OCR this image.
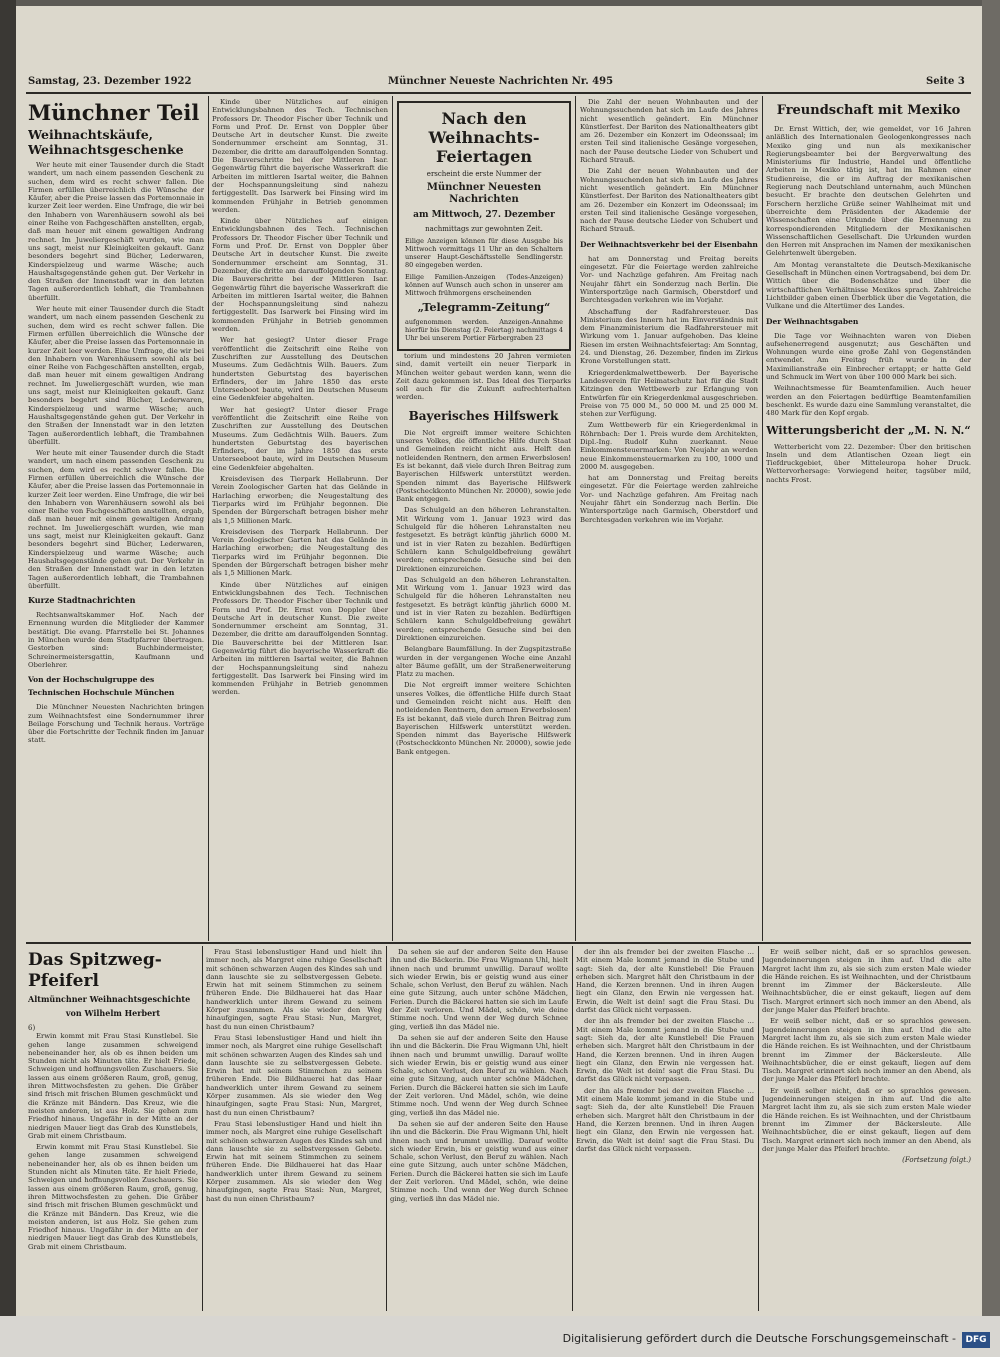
Samstag, 23. Dezember 1922	Münchner Neueste Nachrichten Nr. 495	Seite 3
Münchner Teil
Weihnachtskäufe, Weihnachtsgeschenke

Wer heute mit einer Tausender durch die Stadt wandert, um nach einem passenden Geschenk zu suchen, dem wird es recht schwer fallen. Die Firmen erfüllen überreichlich die Wünsche der Käufer, aber die Preise lassen das Portemonnaie in kurzer Zeit leer werden. Eine Umfrage, die wir bei den Inhabern von Warenhäusern sowohl als bei einer Reihe von Fachgeschäften anstellten, ergab, daß man heuer mit einem gewaltigen Andrang rechnet. Im Juweliergeschäft wurden, wie man uns sagt, meist nur Kleinigkeiten gekauft. Ganz besonders begehrt sind Bücher, Lederwaren, Kinderspielzeug und warme Wäsche; auch Haushaltsgegenstände gehen gut. Der Verkehr in den Straßen der Innenstadt war in den letzten Tagen außerordentlich lebhaft, die Trambahnen überfüllt.

Wer heute mit einer Tausender durch die Stadt wandert, um nach einem passenden Geschenk zu suchen, dem wird es recht schwer fallen. Die Firmen erfüllen überreichlich die Wünsche der Käufer, aber die Preise lassen das Portemonnaie in kurzer Zeit leer werden. Eine Umfrage, die wir bei den Inhabern von Warenhäusern sowohl als bei einer Reihe von Fachgeschäften anstellten, ergab, daß man heuer mit einem gewaltigen Andrang rechnet. Im Juweliergeschäft wurden, wie man uns sagt, meist nur Kleinigkeiten gekauft. Ganz besonders begehrt sind Bücher, Lederwaren, Kinderspielzeug und warme Wäsche; auch Haushaltsgegenstände gehen gut. Der Verkehr in den Straßen der Innenstadt war in den letzten Tagen außerordentlich lebhaft, die Trambahnen überfüllt.

Wer heute mit einer Tausender durch die Stadt wandert, um nach einem passenden Geschenk zu suchen, dem wird es recht schwer fallen. Die Firmen erfüllen überreichlich die Wünsche der Käufer, aber die Preise lassen das Portemonnaie in kurzer Zeit leer werden. Eine Umfrage, die wir bei den Inhabern von Warenhäusern sowohl als bei einer Reihe von Fachgeschäften anstellten, ergab, daß man heuer mit einem gewaltigen Andrang rechnet. Im Juweliergeschäft wurden, wie man uns sagt, meist nur Kleinigkeiten gekauft. Ganz besonders begehrt sind Bücher, Lederwaren, Kinderspielzeug und warme Wäsche; auch Haushaltsgegenstände gehen gut. Der Verkehr in den Straßen der Innenstadt war in den letzten Tagen außerordentlich lebhaft, die Trambahnen überfüllt.

Kurze Stadtnachrichten

Rechtsanwaltskammer Hof. Nach der Ernennung wurden die Mitglieder der Kammer bestätigt. Die evang. Pfarrstelle bei St. Johannes in München wurde dem Stadtpfarrer übertragen. Gestorben sind: Buchbindermeister, Schreinermeistersgattin, Kaufmann und Oberlehrer.

Von der Hochschulgruppe des Technischen Hochschule München

Die Münchner Neuesten Nachrichten bringen zum Weihnachtsfest eine Sondernummer ihrer Beilage Forschung und Technik heraus. Vorträge über die Fortschritte der Technik finden im Januar statt.

Kinde über Nützliches auf einigen Entwicklungsbahnen des Tech. Technischen Professors Dr. Theodor Fischer über Technik und Form und Prof. Dr. Ernst von Doppler über Deutsche Art in deutscher Kunst. Die zweite Sondernummer erscheint am Sonntag, 31. Dezember, die dritte am darauffolgenden Sonntag. Die Bauverschritte bei der Mittleren Isar. Gegenwärtig führt die bayerische Wasserkraft die Arbeiten im mittleren Isartal weiter, die Bahnen der Hochspannungsleitung sind nahezu fertiggestellt. Das Isarwerk bei Finsing wird im kommenden Frühjahr in Betrieb genommen werden.

Kinde über Nützliches auf einigen Entwicklungsbahnen des Tech. Technischen Professors Dr. Theodor Fischer über Technik und Form und Prof. Dr. Ernst von Doppler über Deutsche Art in deutscher Kunst. Die zweite Sondernummer erscheint am Sonntag, 31. Dezember, die dritte am darauffolgenden Sonntag. Die Bauverschritte bei der Mittleren Isar. Gegenwärtig führt die bayerische Wasserkraft die Arbeiten im mittleren Isartal weiter, die Bahnen der Hochspannungsleitung sind nahezu fertiggestellt. Das Isarwerk bei Finsing wird im kommenden Frühjahr in Betrieb genommen werden.

Wer hat gesiegt? Unter dieser Frage veröffentlicht die Zeitschrift eine Reihe von Zuschriften zur Ausstellung des Deutschen Museums. Zum Gedächtnis Wilh. Bauers. Zum hundertsten Geburtstag des bayerischen Erfinders, der im Jahre 1850 das erste Unterseeboot baute, wird im Deutschen Museum eine Gedenkfeier abgehalten.

Wer hat gesiegt? Unter dieser Frage veröffentlicht die Zeitschrift eine Reihe von Zuschriften zur Ausstellung des Deutschen Museums. Zum Gedächtnis Wilh. Bauers. Zum hundertsten Geburtstag des bayerischen Erfinders, der im Jahre 1850 das erste Unterseeboot baute, wird im Deutschen Museum eine Gedenkfeier abgehalten.

Kreisdevisen des Tierpark Hellabrunn. Der Verein Zoologischer Garten hat das Gelände in Harlaching erworben; die Neugestaltung des Tierparks wird im Frühjahr begonnen. Die Spenden der Bürgerschaft betragen bisher mehr als 1,5 Millionen Mark.

Kreisdevisen des Tierpark Hellabrunn. Der Verein Zoologischer Garten hat das Gelände in Harlaching erworben; die Neugestaltung des Tierparks wird im Frühjahr begonnen. Die Spenden der Bürgerschaft betragen bisher mehr als 1,5 Millionen Mark.

Kinde über Nützliches auf einigen Entwicklungsbahnen des Tech. Technischen Professors Dr. Theodor Fischer über Technik und Form und Prof. Dr. Ernst von Doppler über Deutsche Art in deutscher Kunst. Die zweite Sondernummer erscheint am Sonntag, 31. Dezember, die dritte am darauffolgenden Sonntag. Die Bauverschritte bei der Mittleren Isar. Gegenwärtig führt die bayerische Wasserkraft die Arbeiten im mittleren Isartal weiter, die Bahnen der Hochspannungsleitung sind nahezu fertiggestellt. Das Isarwerk bei Finsing wird im kommenden Frühjahr in Betrieb genommen werden.

Nach den Weihnachts-Feiertagen
erscheint die erste Nummer der
Münchner Neuesten Nachrichten
am Mittwoch, 27. Dezember
nachmittags zur gewohnten Zeit.
Eilige Anzeigen können für diese Ausgabe bis Mittwoch vormittags 11 Uhr an den Schaltern unserer Haupt-Geschäftsstelle Sendlingerstr. 80 eingegeben werden.
Eilige Familien-Anzeigen (Todes-Anzeigen) können auf Wunsch auch schon in unserer am Mittwoch frühmorgens erscheinenden
„Telegramm-Zeitung“
aufgenommen werden. Anzeigen-Annahme hierfür bis Dienstag (2. Feiertag) nachmittags 4 Uhr bei unserem Portier Färbergraben 23

torium und mindestens 20 Jahren vermieten sind, damit verteilt ein neuer Tierpark in München weiter gebaut werden kann, wenn die Zeit dazu gekommen ist. Das Ideal des Tierparks soll auch für die Zukunft aufrechterhalten werden.

Bayerisches Hilfswerk

Die Not ergreift immer weitere Schichten unseres Volkes, die öffentliche Hilfe durch Staat und Gemeinden reicht nicht aus. Helft den notleidenden Rentnern, den armen Erwerbslosen! Es ist bekannt, daß viele durch Ihren Beitrag zum Bayerischen Hilfswerk unterstützt werden. Spenden nimmt das Bayerische Hilfswerk (Postscheckkonto München Nr. 20000), sowie jede Bank entgegen.

Das Schulgeld an den höheren Lehranstalten. Mit Wirkung vom 1. Januar 1923 wird das Schulgeld für die höheren Lehranstalten neu festgesetzt. Es beträgt künftig jährlich 6000 M. und ist in vier Raten zu bezahlen. Bedürftigen Schülern kann Schulgeldbefreiung gewährt werden; entsprechende Gesuche sind bei den Direktionen einzureichen.

Das Schulgeld an den höheren Lehranstalten. Mit Wirkung vom 1. Januar 1923 wird das Schulgeld für die höheren Lehranstalten neu festgesetzt. Es beträgt künftig jährlich 6000 M. und ist in vier Raten zu bezahlen. Bedürftigen Schülern kann Schulgeldbefreiung gewährt werden; entsprechende Gesuche sind bei den Direktionen einzureichen.

Belangbare Baumfällung. In der Zugspitzstraße wurden in der vergangenen Woche eine Anzahl alter Bäume gefällt, um der Straßenerweiterung Platz zu machen.

Die Not ergreift immer weitere Schichten unseres Volkes, die öffentliche Hilfe durch Staat und Gemeinden reicht nicht aus. Helft den notleidenden Rentnern, den armen Erwerbslosen! Es ist bekannt, daß viele durch Ihren Beitrag zum Bayerischen Hilfswerk unterstützt werden. Spenden nimmt das Bayerische Hilfswerk (Postscheckkonto München Nr. 20000), sowie jede Bank entgegen.

Die Zahl der neuen Wohnbauten und der Wohnungssuchenden hat sich im Laufe des Jahres nicht wesentlich geändert. Ein Münchner Künstlerfest. Der Bariton des Nationaltheaters gibt am 26. Dezember ein Konzert im Odeonssaal; im ersten Teil sind italienische Gesänge vorgesehen, nach der Pause deutsche Lieder von Schubert und Richard Strauß.

Die Zahl der neuen Wohnbauten und der Wohnungssuchenden hat sich im Laufe des Jahres nicht wesentlich geändert. Ein Münchner Künstlerfest. Der Bariton des Nationaltheaters gibt am 26. Dezember ein Konzert im Odeonssaal; im ersten Teil sind italienische Gesänge vorgesehen, nach der Pause deutsche Lieder von Schubert und Richard Strauß.

Der Weihnachtsverkehr bei der Eisenbahn

hat am Donnerstag und Freitag bereits eingesetzt. Für die Feiertage werden zahlreiche Vor- und Nachzüge gefahren. Am Freitag nach Neujahr fährt ein Sonderzug nach Berlin. Die Wintersportzüge nach Garmisch, Oberstdorf und Berchtesgaden verkehren wie im Vorjahr.

Abschaffung der Radfahrersteuer. Das Ministerium des Innern hat im Einverständnis mit dem Finanzministerium die Radfahrersteuer mit Wirkung vom 1. Januar aufgehoben. Das kleine Riesen im ersten Weihnachtsfeiertag: Am Sonntag, 24. und Dienstag, 26. Dezember, finden im Zirkus Krone Vorstellungen statt.

Kriegerdenkmalwettbewerb. Der Bayerische Landesverein für Heimatschutz hat für die Stadt Kitzingen den Wettbewerb zur Erlangung von Entwürfen für ein Kriegerdenkmal ausgeschrieben. Preise von 75 000 M., 50 000 M. und 25 000 M. stehen zur Verfügung.

Zum Wettbewerb für ein Kriegerdenkmal in Röhrnbach: Der 1. Preis wurde dem Architekten, Dipl.-Ing. Rudolf Kuhn zuerkannt. Neue Einkommensteuermarken: Von Neujahr an werden neue Einkommensteuermarken zu 100, 1000 und 2000 M. ausgegeben.

hat am Donnerstag und Freitag bereits eingesetzt. Für die Feiertage werden zahlreiche Vor- und Nachzüge gefahren. Am Freitag nach Neujahr fährt ein Sonderzug nach Berlin. Die Wintersportzüge nach Garmisch, Oberstdorf und Berchtesgaden verkehren wie im Vorjahr.

Freundschaft mit Mexiko

Dr. Ernst Wittich, der, wie gemeldet, vor 16 Jahren anläßlich des Internationalen Geologenkongresses nach Mexiko ging und nun als mexikanischer Regierungsbeamter bei der Bergverwaltung des Ministeriums für Industrie, Handel und öffentliche Arbeiten in Mexiko tätig ist, hat im Rahmen einer Studienreise, die er im Auftrag der mexikanischen Regierung nach Deutschland unternahm, auch München besucht. Er brachte den deutschen Gelehrten und Forschern herzliche Grüße seiner Wahlheimat mit und überreichte dem Präsidenten der Akademie der Wissenschaften eine Urkunde über die Ernennung zu korrespondierenden Mitgliedern der Mexikanischen Wissenschaftlichen Gesellschaft. Die Urkunden wurden den Herren mit Ansprachen im Namen der mexikanischen Gelehrtenwelt übergeben.

Am Montag veranstaltete die Deutsch-Mexikanische Gesellschaft in München einen Vortragsabend, bei dem Dr. Wittich über die Bodenschätze und über die wirtschaftlichen Verhältnisse Mexikos sprach. Zahlreiche Lichtbilder gaben einen Überblick über die Vegetation, die Vulkane und die Altertümer des Landes.

Der Weihnachtsgaben

Die Tage vor Weihnachten waren von Dieben aufsehenerregend ausgenutzt; aus Geschäften und Wohnungen wurde eine große Zahl von Gegenständen entwendet. Am Freitag früh wurde in der Maximilianstraße ein Einbrecher ertappt; er hatte Geld und Schmuck im Wert von über 100 000 Mark bei sich.

Weihnachtsmesse für Beamtenfamilien. Auch heuer werden an den Feiertagen bedürftige Beamtenfamilien beschenkt. Es wurde dazu eine Sammlung veranstaltet, die 480 Mark für den Kopf ergab.

Witterungsbericht der „M. N. N.“

Wetterbericht vom 22. Dezember: Über den britischen Inseln und dem Atlantischen Ozean liegt ein Tiefdruckgebiet, über Mitteleuropa hoher Druck. Wettervorhersage: Vorwiegend heiter, tagsüber mild, nachts Frost.

Das Spitzweg-Pfeiferl
Altmünchner Weihnachtsgeschichte
von Wilhelm Herbert
6)

Erwin kommt mit Frau Stasi Kunstlebel. Sie gehen lange zusammen schweigend nebeneinander her, als ob es ihnen beiden um Stunden nicht als Minuten täte. Er hielt Friede, Schweigen und hoffnungsvollen Zuschauers. Sie lassen aus einem größeren Raum, groß, genug, ihren Mittwochsfesten zu gehen. Die Gräber sind frisch mit frischen Blumen geschmückt und die Kränze mit Bändern. Das Kreuz, wie die meisten anderen, ist aus Holz. Sie gehen zum Friedhof hinaus. Ungefähr in der Mitte an der niedrigen Mauer liegt das Grab des Kunstlebels, Grab mit einem Christbaum.

Erwin kommt mit Frau Stasi Kunstlebel. Sie gehen lange zusammen schweigend nebeneinander her, als ob es ihnen beiden um Stunden nicht als Minuten täte. Er hielt Friede, Schweigen und hoffnungsvollen Zuschauers. Sie lassen aus einem größeren Raum, groß, genug, ihren Mittwochsfesten zu gehen. Die Gräber sind frisch mit frischen Blumen geschmückt und die Kränze mit Bändern. Das Kreuz, wie die meisten anderen, ist aus Holz. Sie gehen zum Friedhof hinaus. Ungefähr in der Mitte an der niedrigen Mauer liegt das Grab des Kunstlebels, Grab mit einem Christbaum.

Frau Stasi lebenslustiger Hand und hielt ihn immer noch, als Margret eine ruhige Gesellschaft mit schönen schwarzen Augen des Kindes sah und dann lauschte sie zu selbstvergessen Gebete. Erwin hat mit seinem Stimmchen zu seinem früheren Ende. Die Bildhauerei hat das Haar handwerklich unter ihrem Gewand zu seinem Körper zusammen. Als sie wieder den Weg hinaufgingen, sagte Frau Stasi: Nun, Margret, hast du nun einen Christbaum?

Frau Stasi lebenslustiger Hand und hielt ihn immer noch, als Margret eine ruhige Gesellschaft mit schönen schwarzen Augen des Kindes sah und dann lauschte sie zu selbstvergessen Gebete. Erwin hat mit seinem Stimmchen zu seinem früheren Ende. Die Bildhauerei hat das Haar handwerklich unter ihrem Gewand zu seinem Körper zusammen. Als sie wieder den Weg hinaufgingen, sagte Frau Stasi: Nun, Margret, hast du nun einen Christbaum?

Frau Stasi lebenslustiger Hand und hielt ihn immer noch, als Margret eine ruhige Gesellschaft mit schönen schwarzen Augen des Kindes sah und dann lauschte sie zu selbstvergessen Gebete. Erwin hat mit seinem Stimmchen zu seinem früheren Ende. Die Bildhauerei hat das Haar handwerklich unter ihrem Gewand zu seinem Körper zusammen. Als sie wieder den Weg hinaufgingen, sagte Frau Stasi: Nun, Margret, hast du nun einen Christbaum?

Da sehen sie auf der anderen Seite den Hause ihn und die Bäckerin. Die Frau Wigmann Uhl, hielt ihnen nach und brummt unwillig. Darauf wollte sich wieder Erwin, bis er geistig wund aus einer Schale, schon Verlust, den Beruf zu wählen. Nach eine gute Sitzung, auch unter schöne Mädchen, Ferien. Durch die Bäckerei hatten sie sich im Laufe der Zeit verloren. Und Mädel, schön, wie deine Stimme noch. Und wenn der Weg durch Schnee ging, verließ ihn das Mädel nie.

Da sehen sie auf der anderen Seite den Hause ihn und die Bäckerin. Die Frau Wigmann Uhl, hielt ihnen nach und brummt unwillig. Darauf wollte sich wieder Erwin, bis er geistig wund aus einer Schale, schon Verlust, den Beruf zu wählen. Nach eine gute Sitzung, auch unter schöne Mädchen, Ferien. Durch die Bäckerei hatten sie sich im Laufe der Zeit verloren. Und Mädel, schön, wie deine Stimme noch. Und wenn der Weg durch Schnee ging, verließ ihn das Mädel nie.

Da sehen sie auf der anderen Seite den Hause ihn und die Bäckerin. Die Frau Wigmann Uhl, hielt ihnen nach und brummt unwillig. Darauf wollte sich wieder Erwin, bis er geistig wund aus einer Schale, schon Verlust, den Beruf zu wählen. Nach eine gute Sitzung, auch unter schöne Mädchen, Ferien. Durch die Bäckerei hatten sie sich im Laufe der Zeit verloren. Und Mädel, schön, wie deine Stimme noch. Und wenn der Weg durch Schnee ging, verließ ihn das Mädel nie.

der ihn als fremder bei der zweiten Flasche ... Mit einem Male kommt jemand in die Stube und sagt: Sieh da, der alte Kunstlebel! Die Frauen erheben sich. Margret hält den Christbaum in der Hand, die Kerzen brennen. Und in ihren Augen liegt ein Glanz, den Erwin nie vergessen hat. Erwin, die Welt ist dein! sagt die Frau Stasi. Du darfst das Glück nicht verpassen.

der ihn als fremder bei der zweiten Flasche ... Mit einem Male kommt jemand in die Stube und sagt: Sieh da, der alte Kunstlebel! Die Frauen erheben sich. Margret hält den Christbaum in der Hand, die Kerzen brennen. Und in ihren Augen liegt ein Glanz, den Erwin nie vergessen hat. Erwin, die Welt ist dein! sagt die Frau Stasi. Du darfst das Glück nicht verpassen.

der ihn als fremder bei der zweiten Flasche ... Mit einem Male kommt jemand in die Stube und sagt: Sieh da, der alte Kunstlebel! Die Frauen erheben sich. Margret hält den Christbaum in der Hand, die Kerzen brennen. Und in ihren Augen liegt ein Glanz, den Erwin nie vergessen hat. Erwin, die Welt ist dein! sagt die Frau Stasi. Du darfst das Glück nicht verpassen.

Er weiß selber nicht, daß er so sprachlos gewesen. Jugendeinnerungen steigen in ihm auf. Und die alte Margret lacht ihm zu, als sie sich zum ersten Male wieder die Hände reichen. Es ist Weihnachten, und der Christbaum brennt im Zimmer der Bäckersleute. Alle Weihnachtsbücher, die er einst gekauft, liegen auf dem Tisch. Margret erinnert sich noch immer an den Abend, als der junge Maler das Pfeiferl brachte.

Er weiß selber nicht, daß er so sprachlos gewesen. Jugendeinnerungen steigen in ihm auf. Und die alte Margret lacht ihm zu, als sie sich zum ersten Male wieder die Hände reichen. Es ist Weihnachten, und der Christbaum brennt im Zimmer der Bäckersleute. Alle Weihnachtsbücher, die er einst gekauft, liegen auf dem Tisch. Margret erinnert sich noch immer an den Abend, als der junge Maler das Pfeiferl brachte.

Er weiß selber nicht, daß er so sprachlos gewesen. Jugendeinnerungen steigen in ihm auf. Und die alte Margret lacht ihm zu, als sie sich zum ersten Male wieder die Hände reichen. Es ist Weihnachten, und der Christbaum brennt im Zimmer der Bäckersleute. Alle Weihnachtsbücher, die er einst gekauft, liegen auf dem Tisch. Margret erinnert sich noch immer an den Abend, als der junge Maler das Pfeiferl brachte.

(Fortsetzung folgt.)
Digitalisierung gefördert durch die Deutsche Forschungsgemeinschaft -	DFG
